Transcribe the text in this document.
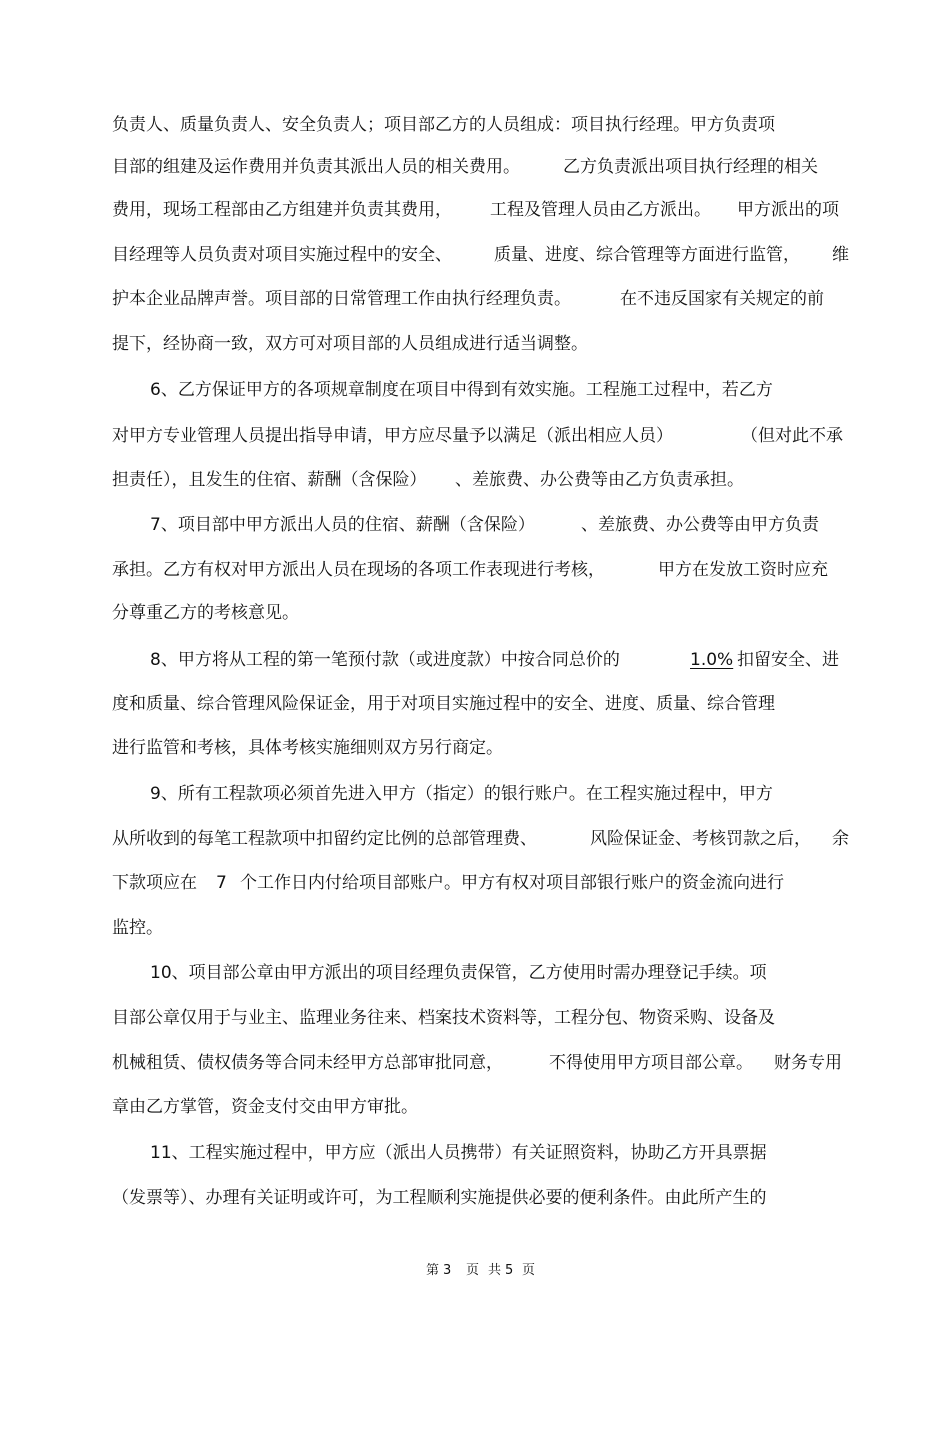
负责人、质量负责人、安全负责人；项目部乙方的人员组成：项目执行经理。甲方负责项

目部的组建及运作费用并负责其派出人员的相关费用。

	乙方负责派出项目执行经理的相关

费用，现场工程部由乙方组建并负责其费用，

工程及管理人员由乙方派出。

甲方派出的项

目经理等人员负责对项目实施过程中的安全、

质量、进度、综合管理等方面进行监管，

维

护本企业品牌声誉。项目部的日常管理工作由执行经理负责。

	在不违反国家有关规定的前

提下，经协商一致，双方可对项目部的人员组成进行适当调整。

6、乙方保证甲方的各项规章制度在项目中得到有效实施。工程施工过程中，若乙方

对甲方专业管理人员提出指导申请，甲方应尽量予以满足（派出相应人员）

	（但对此不承

担责任），且发生的住宿、薪酬（含保险）

、差旅费、办公费等由乙方负责承担。

7、项目部中甲方派出人员的住宿、薪酬（含保险）

	、差旅费、办公费等由甲方负责

承担。乙方有权对甲方派出人员在现场的各项工作表现进行考核，

	甲方在发放工资时应充

分尊重乙方的考核意见。

8、甲方将从工程的第一笔预付款（或进度款）中按合同总价的

	1.0%

扣留安全、进

度和质量、综合管理风险保证金，用于对项目实施过程中的安全、进度、质量、综合管理

进行监管和考核，具体考核实施细则双方另行商定。

9、所有工程款项必须首先进入甲方（指定）的银行账户。在工程实施过程中，甲方

从所收到的每笔工程款项中扣留约定比例的总部管理费、

	风险保证金、考核罚款之后，

余

下款项应在

7

个工作日内付给项目部账户。甲方有权对项目部银行账户的资金流向进行

监控。

10、项目部公章由甲方派出的项目经理负责保管，乙方使用时需办理登记手续。项

目部公章仅用于与业主、监理业务往来、档案技术资料等，工程分包、物资采购、设备及

机械租赁、债权债务等合同未经甲方总部审批同意，

	不得使用甲方项目部公章。

财务专用

章由乙方掌管，资金支付交由甲方审批。

11、工程实施过程中，甲方应（派出人员携带）有关证照资料，协助乙方开具票据

（发票等）、办理有关证明或许可，为工程顺利实施提供必要的便利条件。由此所产生的

第

3

页

共

5

页
